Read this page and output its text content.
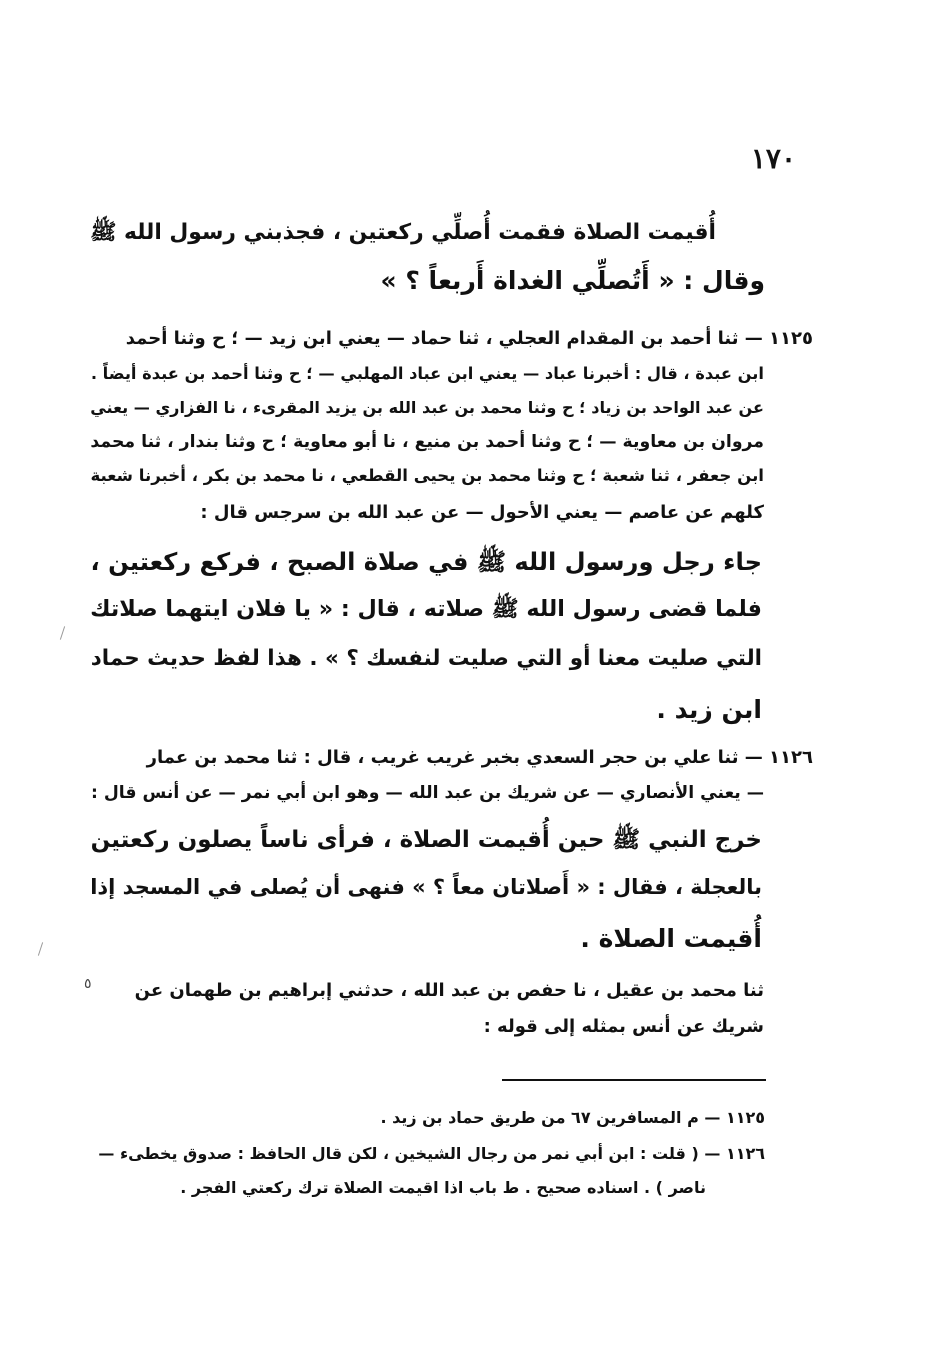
١٧٠
أُقيمت الصلاة فقمت أُصلِّي ركعتين ، فجذبني رسول الله ﷺ
وقال : « أَتُصلِّي الغداة أَربعاً ؟ »
١١٢٥ — ثنا أحمد بن المقدام العجلي ، ثنا حماد — يعني ابن زيد — ؛ ح وثنا أحمد
ابن عبدة ، قال : أخبرنا عباد — يعني ابن عباد المهلبي — ؛ ح وثنا أحمد بن عبدة أيضاً .
عن عبد الواحد بن زياد ؛ ح وثنا محمد بن عبد الله بن يزيد المقرىء ، نا الفزاري — يعني
مروان بن معاوية — ؛ ح وثنا أحمد بن منيع ، نا أبو معاوية ؛ ح وثنا بندار ، ثنا محمد
ابن جعفر ، ثنا شعبة ؛ ح وثنا محمد بن يحيى القطعي ، نا محمد بن بكر ، أخبرنا شعبة
كلهم عن عاصم — يعني الأحول — عن عبد الله بن سرجس قال :
جاء رجل ورسول الله ﷺ في صلاة الصبح ، فركع ركعتين ،
فلما قضى رسول الله ﷺ صلاته ، قال : « يا فلان ايتهما صلاتك
التي صليت معنا أو التي صليت لنفسك ؟ » . هذا لفظ حديث حماد
ابن زيد .
١١٢٦ — ثنا علي بن حجر السعدي بخبر غريب غريب ، قال : ثنا محمد بن عمار
— يعني الأنصاري — عن شريك بن عبد الله — وهو ابن أبي نمر — عن أنس قال :
خرج النبي ﷺ حين أُقيمت الصلاة ، فرأى ناساً يصلون ركعتين
بالعجلة ، فقال : « أَصلاتان معاً ؟ » فنهى أن يُصلى في المسجد إذا
أُقيمت الصلاة .
ثنا محمد بن عقيل ، نا حفص بن عبد الله ، حدثني إبراهيم بن طهمان عن
شريك عن أنس بمثله إلى قوله :
٥
١١٢٥ — م المسافرين ٦٧ من طريق حماد بن زيد .
١١٢٦ — ( قلت : ابن أبي نمر من رجال الشيخين ، لكن قال الحافظ : صدوق يخطىء —
ناصر ) . اسناده صحيح . ط باب اذا اقيمت الصلاة ترك ركعتي الفجر .
